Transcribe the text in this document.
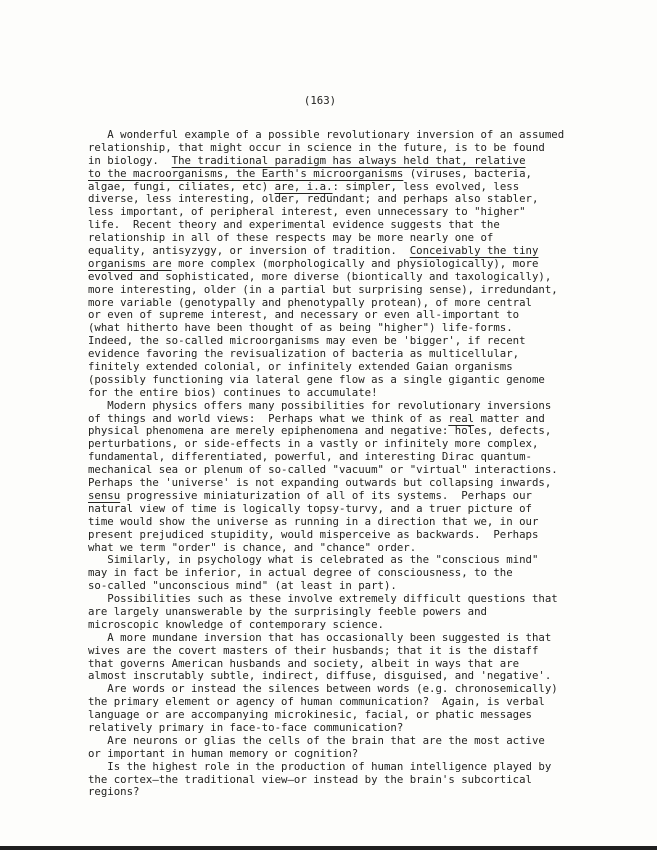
(163)
A wonderful example of a possible revolutionary inversion of an assumed
relationship, that might occur in science in the future, is to be found
in biology.  The traditional paradigm has always held that, relative
to the macroorganisms, the Earth's microorganisms (viruses, bacteria,
algae, fungi, ciliates, etc) are, i.a.: simpler, less evolved, less
diverse, less interesting, older, redundant; and perhaps also stabler,
less important, of peripheral interest, even unnecessary to "higher"
life.  Recent theory and experimental evidence suggests that the
relationship in all of these respects may be more nearly one of
equality, antisyzygy, or inversion of tradition.  Conceivably the tiny
organisms are more complex (morphologically and physiologically), more
evolved and sophisticated, more diverse (biontically and taxologically),
more interesting, older (in a partial but surprising sense), irredundant,
more variable (genotypally and phenotypally protean), of more central
or even of supreme interest, and necessary or even all-important to
(what hitherto have been thought of as being "higher") life-forms.
Indeed, the so-called microorganisms may even be 'bigger', if recent
evidence favoring the revisualization of bacteria as multicellular,
finitely extended colonial, or infinitely extended Gaian organisms
(possibly functioning via lateral gene flow as a single gigantic genome
for the entire bios) continues to accumulate!
Modern physics offers many possibilities for revolutionary inversions
of things and world views:  Perhaps what we think of as real matter and
physical phenomena are merely epiphenomena and negative: holes, defects,
perturbations, or side-effects in a vastly or infinitely more complex,
fundamental, differentiated, powerful, and interesting Dirac quantum-
mechanical sea or plenum of so-called "vacuum" or "virtual" interactions.
Perhaps the 'universe' is not expanding outwards but collapsing inwards,
sensu progressive miniaturization of all of its systems.  Perhaps our
natural view of time is logically topsy-turvy, and a truer picture of
time would show the universe as running in a direction that we, in our
present prejudiced stupidity, would misperceive as backwards.  Perhaps
what we term "order" is chance, and "chance" order.
Similarly, in psychology what is celebrated as the "conscious mind"
may in fact be inferior, in actual degree of consciousness, to the
so-called "unconscious mind" (at least in part).
Possibilities such as these involve extremely difficult questions that
are largely unanswerable by the surprisingly feeble powers and
microscopic knowledge of contemporary science.
A more mundane inversion that has occasionally been suggested is that
wives are the covert masters of their husbands; that it is the distaff
that governs American husbands and society, albeit in ways that are
almost inscrutably subtle, indirect, diffuse, disguised, and 'negative'.
Are words or instead the silences between words (e.g. chronosemically)
the primary element or agency of human communication?  Again, is verbal
language or are accompanying microkinesic, facial, or phatic messages
relatively primary in face-to-face communication?
Are neurons or glias the cells of the brain that are the most active
or important in human memory or cognition?
Is the highest role in the production of human intelligence played by
the cortex—the traditional view—or instead by the brain's subcortical
regions?
